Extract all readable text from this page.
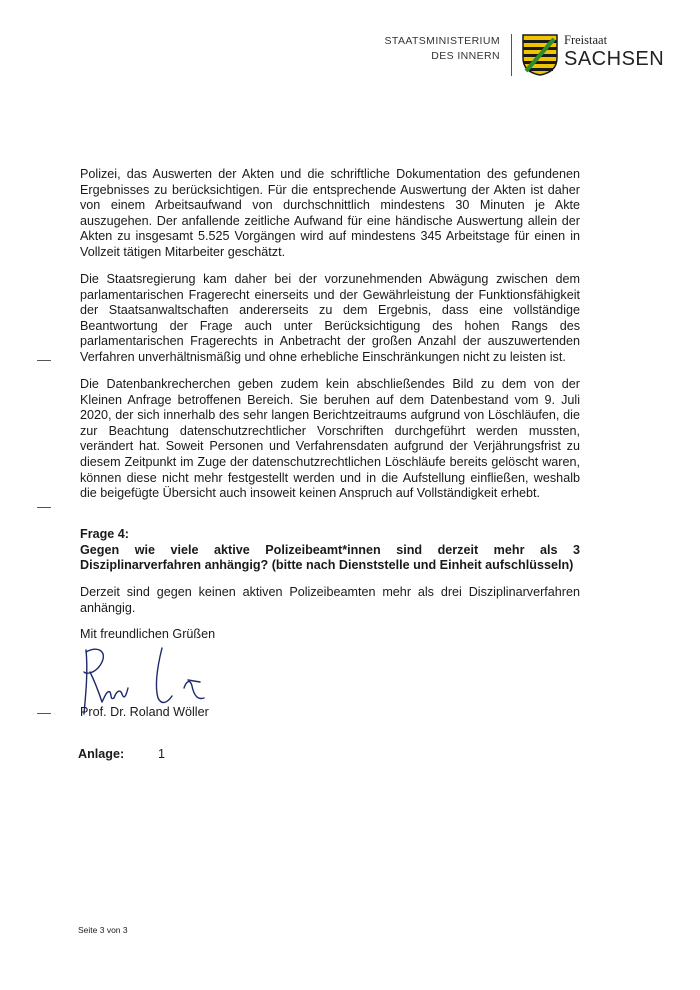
STAATSMINISTERIUM
DES INNERN
Freistaat
SACHSEN

Polizei, das Auswerten der Akten und die schriftliche Dokumentation des gefundenen Ergebnisses zu berücksichtigen. Für die entsprechende Auswertung der Akten ist daher von einem Arbeitsaufwand von durchschnittlich mindestens 30 Minuten je Akte auszugehen. Der anfallende zeitliche Aufwand für eine händische Auswertung allein der Akten zu insgesamt 5.525 Vorgängen wird auf mindestens 345 Arbeitstage für einen in Vollzeit tätigen Mitarbeiter geschätzt.

Die Staatsregierung kam daher bei der vorzunehmenden Abwägung zwischen dem parlamentarischen Fragerecht einerseits und der Gewährleistung der Funktionsfähigkeit der Staatsanwaltschaften andererseits zu dem Ergebnis, dass eine vollständige Beantwortung der Frage auch unter Berücksichtigung des hohen Rangs des parlamentarischen Fragerechts in Anbetracht der großen Anzahl der auszuwertenden Verfahren unverhältnismäßig und ohne erhebliche Einschränkungen nicht zu leisten ist.

Die Datenbankrecherchen geben zudem kein abschließendes Bild zu dem von der Kleinen Anfrage betroffenen Bereich. Sie beruhen auf dem Datenbestand vom 9. Juli 2020, der sich innerhalb des sehr langen Berichtzeitraums aufgrund von Löschläufen, die zur Beachtung datenschutzrechtlicher Vorschriften durchgeführt werden mussten, verändert hat. Soweit Personen und Verfahrensdaten aufgrund der Verjährungsfrist zu diesem Zeitpunkt im Zuge der datenschutzrechtlichen Löschläufe bereits gelöscht waren, können diese nicht mehr festgestellt werden und in die Aufstellung einfließen, weshalb die beigefügte Übersicht auch insoweit keinen Anspruch auf Vollständigkeit erhebt.

Frage 4:

Gegen wie viele aktive Polizeibeamt*innen sind derzeit mehr als 3 Disziplinarverfahren anhängig? (bitte nach Dienststelle und Einheit aufschlüsseln)

Derzeit sind gegen keinen aktiven Polizeibeamten mehr als drei Disziplinarverfahren anhängig.

Mit freundlichen Grüßen

Prof. Dr. Roland Wöller

Anlage:	1
Seite 3 von 3
